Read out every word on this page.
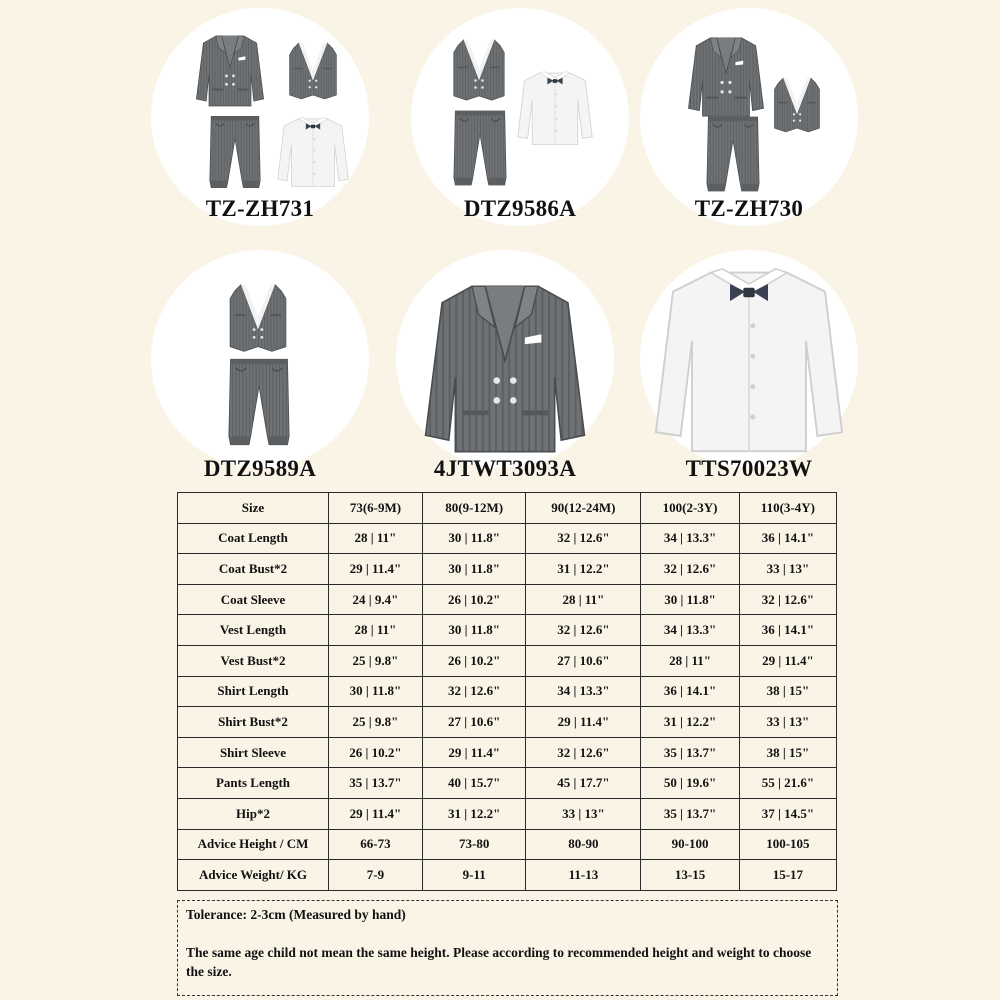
TZ-ZH731	DTZ9586A	TZ-ZH730
DTZ9589A	4JTWT3093A	TTS70023W
Size	73(6-9M)	80(9-12M)	90(12-24M)	100(2-3Y)	110(3-4Y)
Coat Length	28 | 11"	30 | 11.8"	32 | 12.6"	34 | 13.3"	36 | 14.1"
Coat Bust*2	29 | 11.4"	30 | 11.8"	31 | 12.2"	32 | 12.6"	33 | 13"
Coat Sleeve	24 | 9.4"	26 | 10.2"	28 | 11"	30 | 11.8"	32 | 12.6"
Vest Length	28 | 11"	30 | 11.8"	32 | 12.6"	34 | 13.3"	36 | 14.1"
Vest Bust*2	25 | 9.8"	26 | 10.2"	27 | 10.6"	28 | 11"	29 | 11.4"
Shirt Length	30 | 11.8"	32 | 12.6"	34 | 13.3"	36 | 14.1"	38 | 15"
Shirt Bust*2	25 | 9.8"	27 | 10.6"	29 | 11.4"	31 | 12.2"	33 | 13"
Shirt Sleeve	26 | 10.2"	29 | 11.4"	32 | 12.6"	35 | 13.7"	38 | 15"
Pants Length	35 | 13.7"	40 | 15.7"	45 | 17.7"	50 | 19.6"	55 | 21.6"
Hip*2	29 | 11.4"	31 | 12.2"	33 | 13"	35 | 13.7"	37 | 14.5"
Advice Height / CM	66-73	73-80	80-90	90-100	100-105
Advice Weight/ KG	7-9	9-11	11-13	13-15	15-17

Tolerance: 2-3cm (Measured by hand)

The same age child not mean the same height. Please according to recommended height and weight to choose the size.
